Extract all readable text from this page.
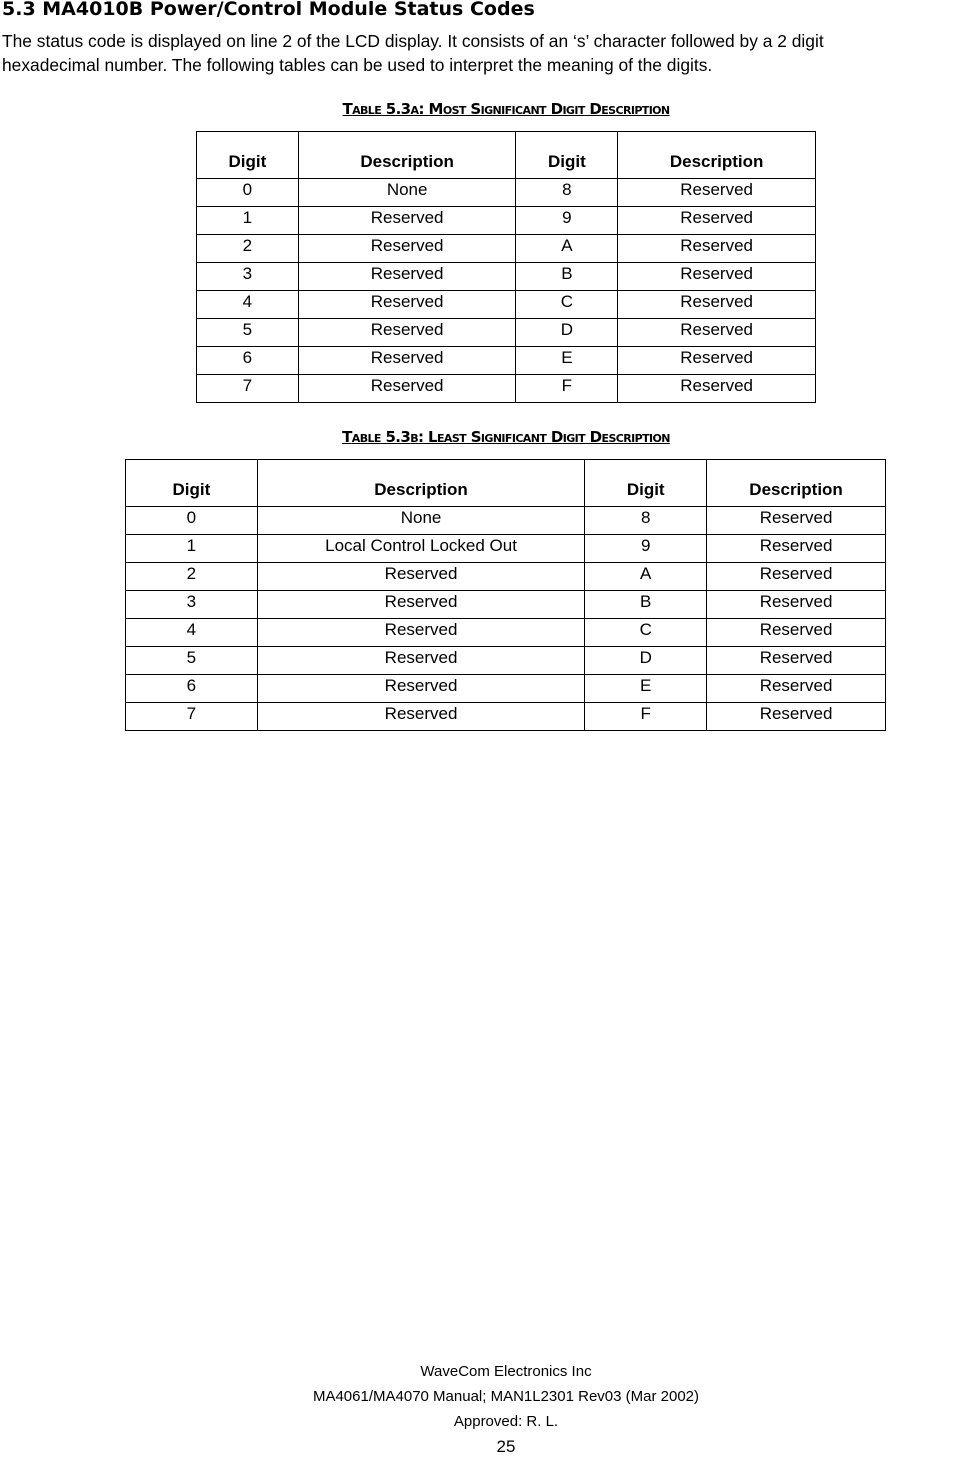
5.3 MA4010B Power/Control Module Status Codes

The status code is displayed on line 2 of the LCD display. It consists of an ‘s’ character followed by a 2 digit
hexadecimal number. The following tables can be used to interpret the meaning of the digits.

TABLE 5.3A: MOST SIGNIFICANT DIGIT DESCRIPTION

Digit	Description	Digit	Description
0	None	8	Reserved
1	Reserved	9	Reserved
2	Reserved	A	Reserved
3	Reserved	B	Reserved
4	Reserved	C	Reserved
5	Reserved	D	Reserved
6	Reserved	E	Reserved
7	Reserved	F	Reserved

TABLE 5.3B: LEAST SIGNIFICANT DIGIT DESCRIPTION

Digit	Description	Digit	Description
0	None	8	Reserved
1	Local Control Locked Out	9	Reserved
2	Reserved	A	Reserved
3	Reserved	B	Reserved
4	Reserved	C	Reserved
5	Reserved	D	Reserved
6	Reserved	E	Reserved
7	Reserved	F	Reserved

WaveCom Electronics Inc

MA4061/MA4070 Manual; MAN1L2301 Rev03 (Mar 2002)

Approved: R. L.

25
